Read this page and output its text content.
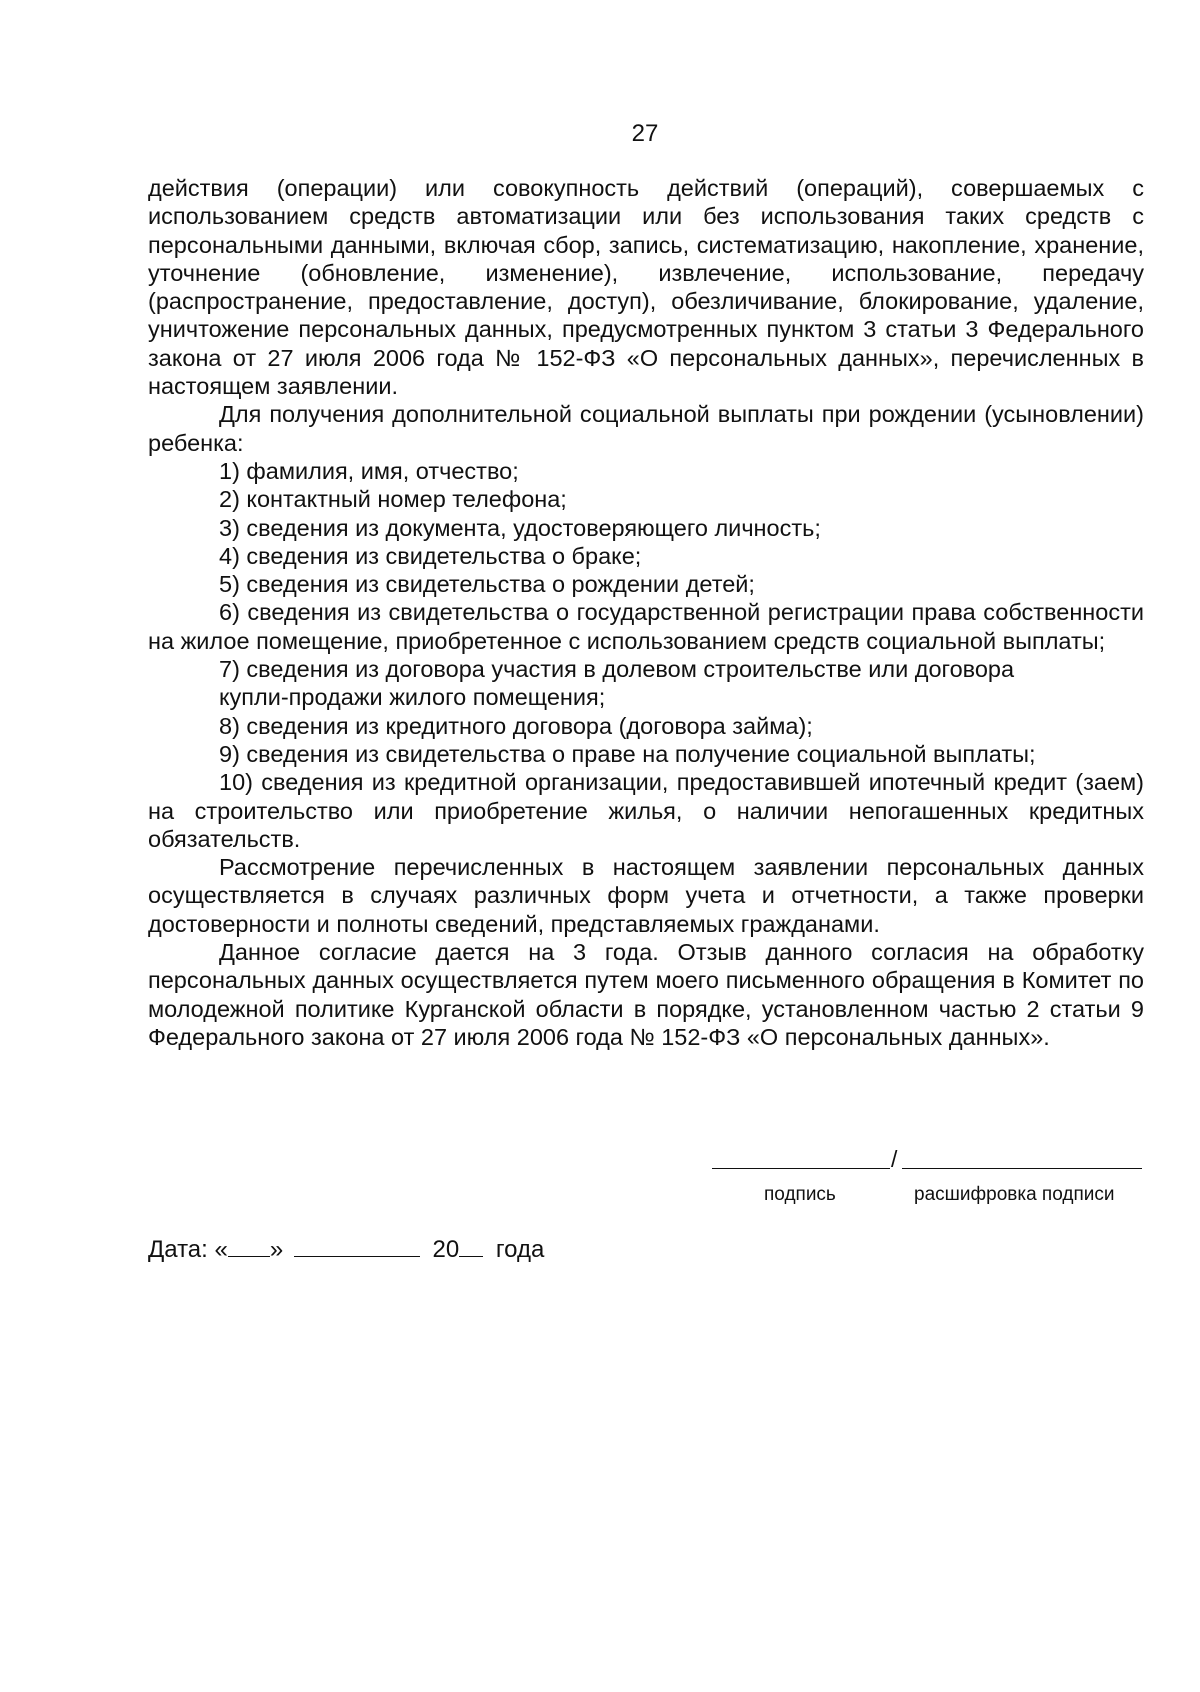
27

действия (операции) или совокупность действий (операций), совершаемых с использованием средств автоматизации или без использования таких средств с персональными данными, включая сбор, запись, систематизацию, накопление, хранение, уточнение (обновление, изменение), извлечение, использование, передачу (распространение, предоставление, доступ), обезличивание, блокирование, удаление, уничтожение персональных данных, предусмотренных пунктом 3 статьи 3 Федерального закона от 27 июля 2006 года № 152-ФЗ «О персональных данных», перечисленных в настоящем заявлении.

Для получения дополнительной социальной выплаты при рождении (усыновлении) ребенка:

1) фамилия, имя, отчество;

2) контактный номер телефона;

3) сведения из документа, удостоверяющего личность;

4) сведения из свидетельства о браке;

5) сведения из свидетельства о рождении детей;

6) сведения из свидетельства о государственной регистрации права собственности на жилое помещение, приобретенное с использованием средств социальной выплаты;

7) сведения из договора участия в долевом строительстве или договора

купли-продажи жилого помещения;

8) сведения из кредитного договора (договора займа);

9) сведения из свидетельства о праве на получение социальной выплаты;

10) сведения из кредитной организации, предоставившей ипотечный кредит (заем) на строительство или приобретение жилья, о наличии непогашенных кредитных обязательств.

Рассмотрение перечисленных в настоящем заявлении персональных данных осуществляется в случаях различных форм учета и отчетности, а также проверки достоверности и полноты сведений, представляемых гражданами.

Данное согласие дается на 3 года. Отзыв данного согласия на обработку персональных данных осуществляется путем моего письменного обращения в Комитет по молодежной политике Курганской области в порядке, установленном частью 2 статьи 9 Федерального закона от 27 июля 2006 года № 152-ФЗ «О персональных данных».

/
подпись	расшифровка подписи
Дата: « »	20 года
